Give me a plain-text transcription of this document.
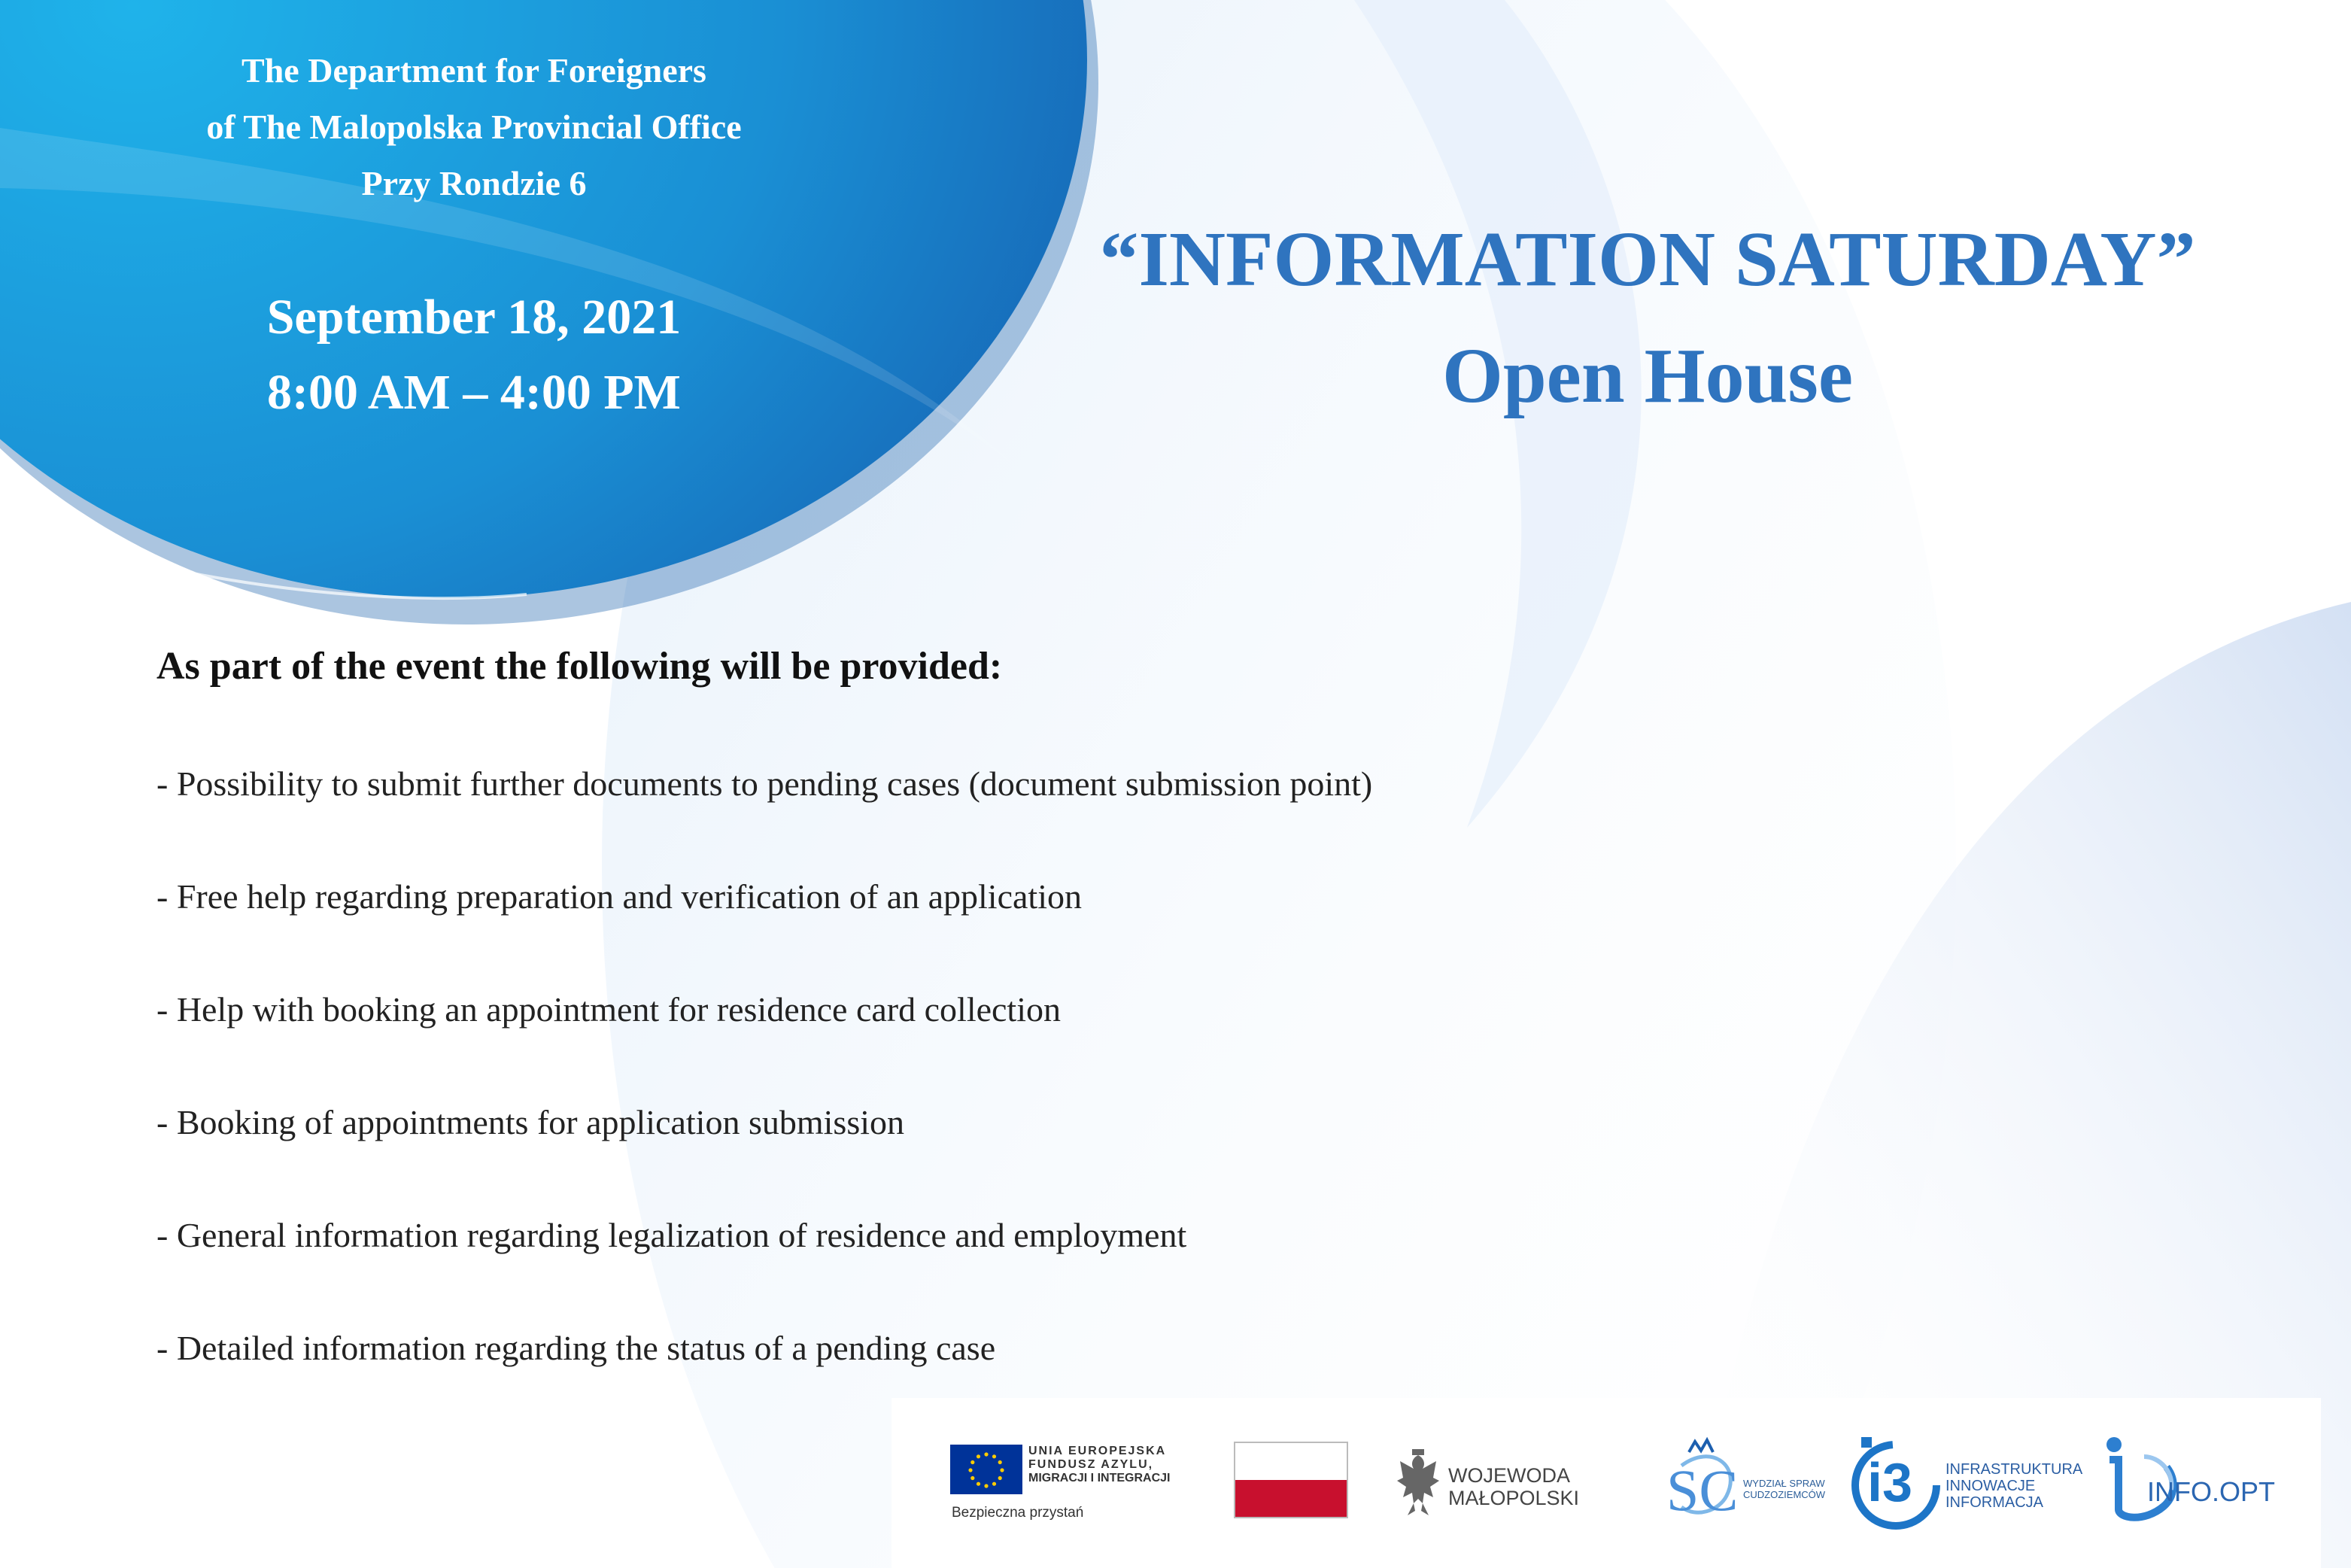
The Department for Foreigners
of The Malopolska Provincial Office
Przy Rondzie 6
September 18, 2021
8:00 AM – 4:00 PM
“INFORMATION SATURDAY”
Open House
As part of the event the following will be provided:
- Possibility to submit further documents to pending cases (document submission point)
- Free help regarding preparation and verification of an application
- Help with booking an appointment for residence card collection
- Booking of appointments for application submission
- General information regarding legalization of residence and employment
- Detailed information regarding the status of a pending case
UNIA EUROPEJSKA
FUNDUSZ AZYLU,
MIGRACJI I INTEGRACJI
Bezpieczna przystań
WOJEWODA
MAŁOPOLSKI SC WYDZIAŁ SPRAW
CUDZOZIEMCÓW i3 INFRASTRUKTURA
INNOWACJE
INFORMACJA	INFO.OPT
